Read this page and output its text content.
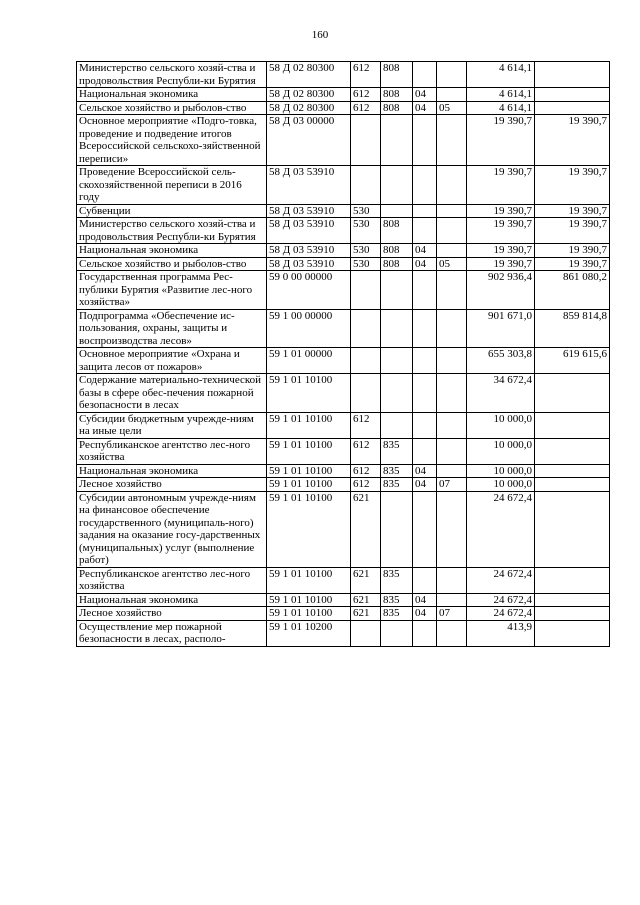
160
Министерство сельского хозяй-ства и продовольствия Республи-ки Бурятия	58 Д 02 80300	612	808			4 614,1	
Национальная экономика	58 Д 02 80300	612	808	04		4 614,1	
Сельское хозяйство и рыболов-ство	58 Д 02 80300	612	808	04	05	4 614,1	
Основное мероприятие «Подго-товка, проведение и подведение итогов Всероссийской сельскохо-зяйственной переписи»	58 Д 03 00000					19 390,7	19 390,7
Проведение Всероссийской сель-скохозяйственной переписи в 2016 году	58 Д 03 53910					19 390,7	19 390,7
Субвенции	58 Д 03 53910	530				19 390,7	19 390,7
Министерство сельского хозяй-ства и продовольствия Республи-ки Бурятия	58 Д 03 53910	530	808			19 390,7	19 390,7
Национальная экономика	58 Д 03 53910	530	808	04		19 390,7	19 390,7
Сельское хозяйство и рыболов-ство	58 Д 03 53910	530	808	04	05	19 390,7	19 390,7
Государственная программа Рес-публики Бурятия «Развитие лес-ного хозяйства»	59 0 00 00000					902 936,4	861 080,2
Подпрограмма «Обеспечение ис-пользования, охраны, защиты и воспроизводства лесов»	59 1 00 00000					901 671,0	859 814,8
Основное мероприятие «Охрана и защита лесов от пожаров»	59 1 01 00000					655 303,8	619 615,6
Содержание материально-технической базы в сфере обес-печения пожарной безопасности в лесах	59 1 01 10100					34 672,4	
Субсидии бюджетным учрежде-ниям на иные цели	59 1 01 10100	612				10 000,0	
Республиканское агентство лес-ного хозяйства	59 1 01 10100	612	835			10 000,0	
Национальная экономика	59 1 01 10100	612	835	04		10 000,0	
Лесное хозяйство	59 1 01 10100	612	835	04	07	10 000,0	
Субсидии автономным учрежде-ниям на финансовое обеспечение государственного (муниципаль-ного) задания на оказание госу-дарственных (муниципальных) услуг (выполнение работ)	59 1 01 10100	621				24 672,4	
Республиканское агентство лес-ного хозяйства	59 1 01 10100	621	835			24 672,4	
Национальная экономика	59 1 01 10100	621	835	04		24 672,4	
Лесное хозяйство	59 1 01 10100	621	835	04	07	24 672,4	
Осуществление мер пожарной безопасности в лесах, располо-	59 1 01 10200					413,9	
